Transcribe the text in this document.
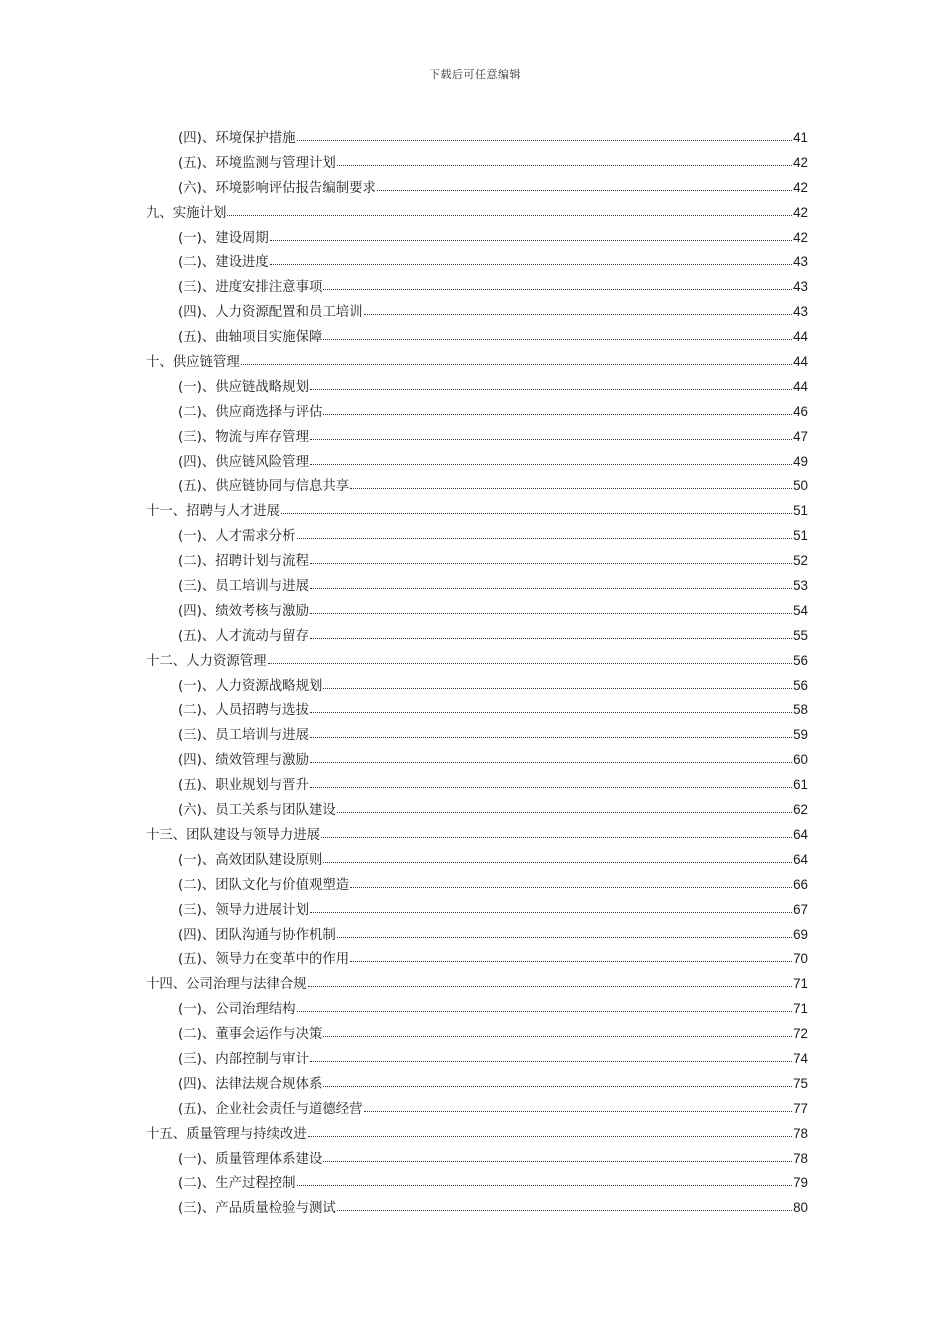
下载后可任意编辑
(四)、环境保护措施	41
(五)、环境监测与管理计划	42
(六)、环境影响评估报告编制要求	42
九、实施计划	42
(一)、建设周期	42
(二)、建设进度	43
(三)、进度安排注意事项	43
(四)、人力资源配置和员工培训	43
(五)、曲轴项目实施保障	44
十、供应链管理	44
(一)、供应链战略规划	44
(二)、供应商选择与评估	46
(三)、物流与库存管理	47
(四)、供应链风险管理	49
(五)、供应链协同与信息共享	50
十一、招聘与人才进展	51
(一)、人才需求分析	51
(二)、招聘计划与流程	52
(三)、员工培训与进展	53
(四)、绩效考核与激励	54
(五)、人才流动与留存	55
十二、人力资源管理	56
(一)、人力资源战略规划	56
(二)、人员招聘与选拔	58
(三)、员工培训与进展	59
(四)、绩效管理与激励	60
(五)、职业规划与晋升	61
(六)、员工关系与团队建设	62
十三、团队建设与领导力进展	64
(一)、高效团队建设原则	64
(二)、团队文化与价值观塑造	66
(三)、领导力进展计划	67
(四)、团队沟通与协作机制	69
(五)、领导力在变革中的作用	70
十四、公司治理与法律合规	71
(一)、公司治理结构	71
(二)、董事会运作与决策	72
(三)、内部控制与审计	74
(四)、法律法规合规体系	75
(五)、企业社会责任与道德经营	77
十五、质量管理与持续改进	78
(一)、质量管理体系建设	78
(二)、生产过程控制	79
(三)、产品质量检验与测试	80
